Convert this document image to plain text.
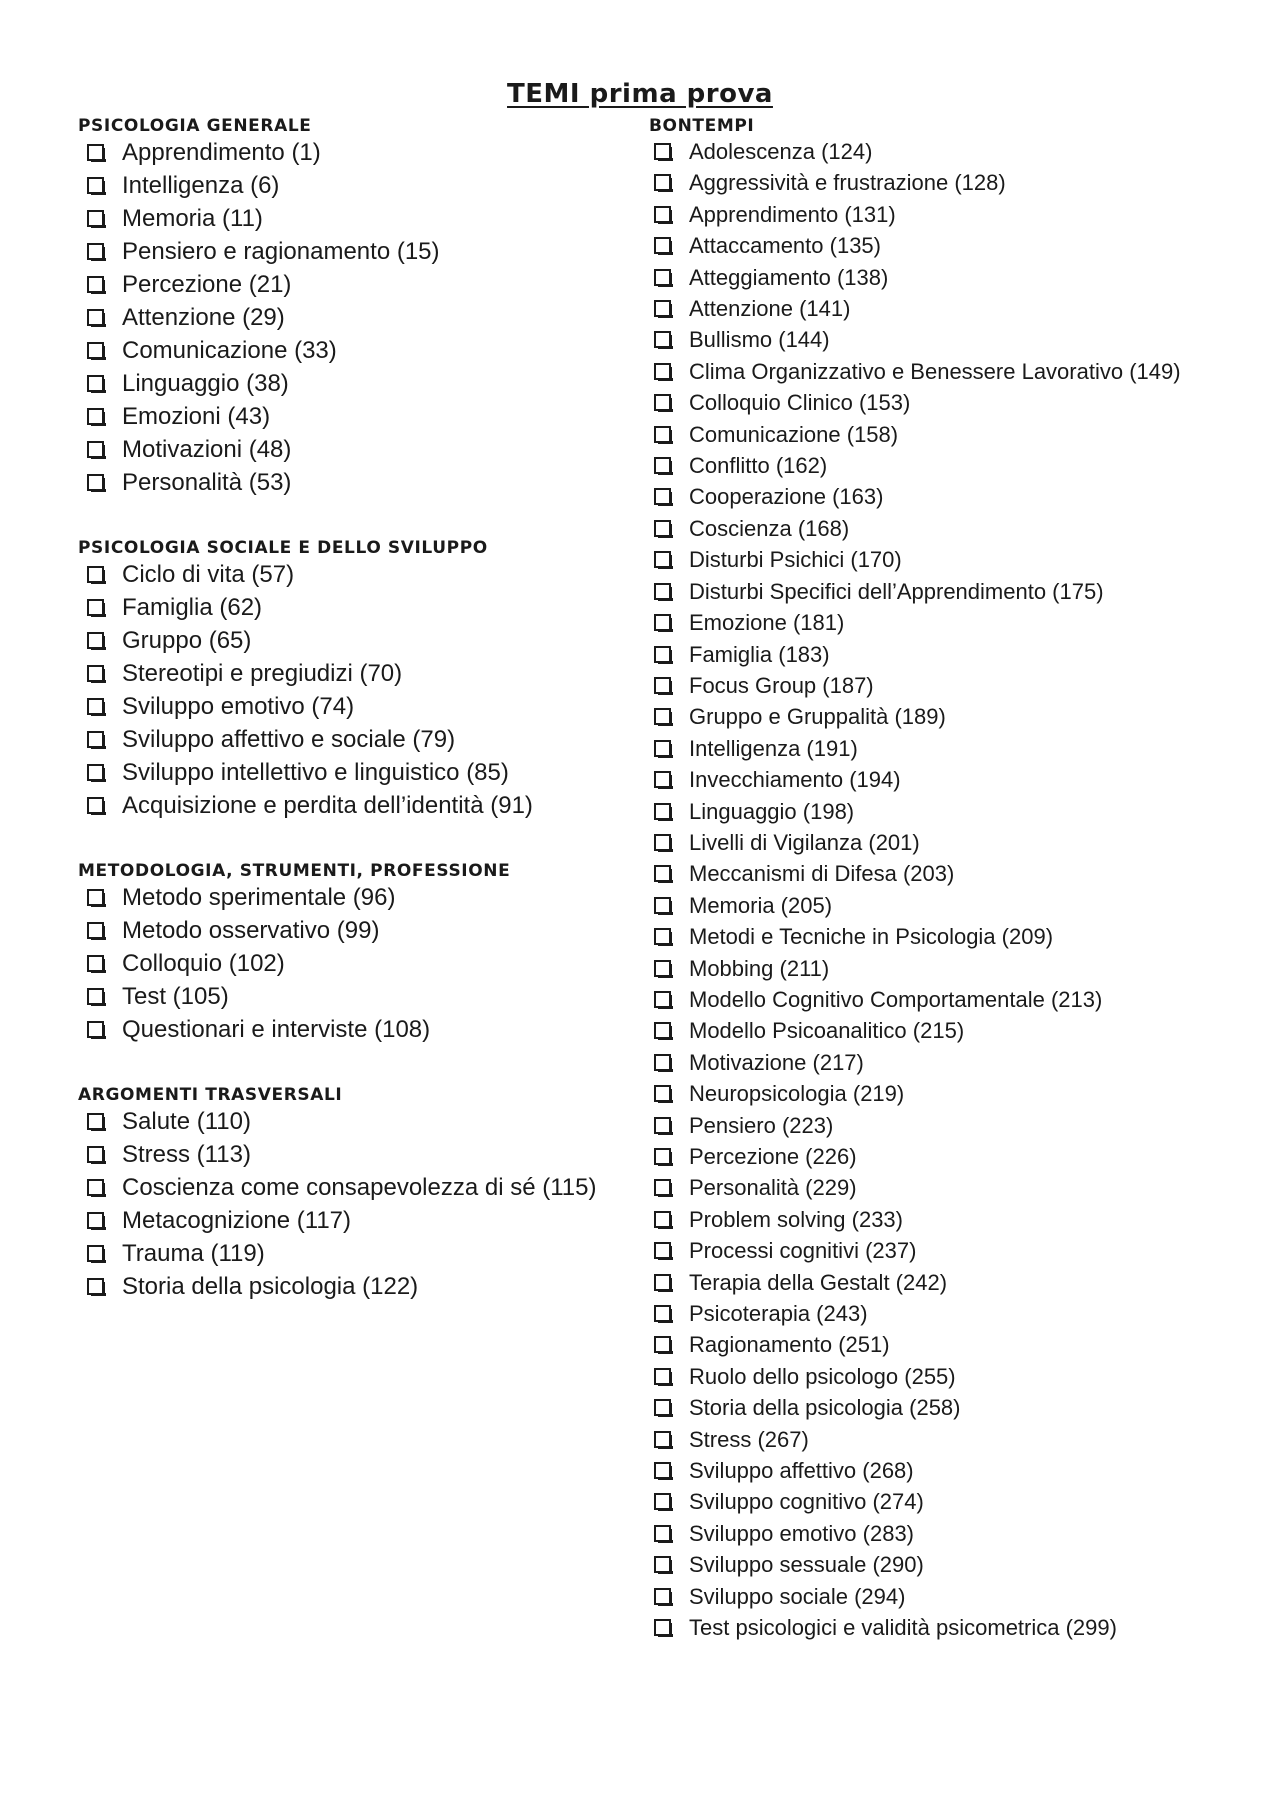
TEMI prima prova
PSICOLOGIA GENERALE
Apprendimento (1)
Intelligenza (6)
Memoria (11)
Pensiero e ragionamento (15)
Percezione (21)
Attenzione (29)
Comunicazione (33)
Linguaggio (38)
Emozioni (43)
Motivazioni (48)
Personalità (53)
PSICOLOGIA SOCIALE E DELLO SVILUPPO
Ciclo di vita (57)
Famiglia (62)
Gruppo (65)
Stereotipi e pregiudizi (70)
Sviluppo emotivo (74)
Sviluppo affettivo e sociale (79)
Sviluppo intellettivo e linguistico (85)
Acquisizione e perdita dell’identità (91)
METODOLOGIA, STRUMENTI, PROFESSIONE
Metodo sperimentale (96)
Metodo osservativo (99)
Colloquio (102)
Test (105)
Questionari e interviste (108)
ARGOMENTI TRASVERSALI
Salute (110)
Stress (113)
Coscienza come consapevolezza di sé (115)
Metacognizione (117)
Trauma (119)
Storia della psicologia (122)
BONTEMPI
Adolescenza (124)
Aggressività e frustrazione (128)
Apprendimento (131)
Attaccamento (135)
Atteggiamento (138)
Attenzione (141)
Bullismo (144)
Clima Organizzativo e Benessere Lavorativo (149)
Colloquio Clinico (153)
Comunicazione (158)
Conflitto (162)
Cooperazione (163)
Coscienza (168)
Disturbi Psichici (170)
Disturbi Specifici dell’Apprendimento (175)
Emozione (181)
Famiglia (183)
Focus Group (187)
Gruppo e Gruppalità (189)
Intelligenza (191)
Invecchiamento (194)
Linguaggio (198)
Livelli di Vigilanza (201)
Meccanismi di Difesa (203)
Memoria (205)
Metodi e Tecniche in Psicologia (209)
Mobbing (211)
Modello Cognitivo Comportamentale (213)
Modello Psicoanalitico (215)
Motivazione (217)
Neuropsicologia (219)
Pensiero (223)
Percezione (226)
Personalità (229)
Problem solving (233)
Processi cognitivi (237)
Terapia della Gestalt (242)
Psicoterapia (243)
Ragionamento (251)
Ruolo dello psicologo (255)
Storia della psicologia (258)
Stress (267)
Sviluppo affettivo (268)
Sviluppo cognitivo (274)
Sviluppo emotivo (283)
Sviluppo sessuale (290)
Sviluppo sociale (294)
Test psicologici e validità psicometrica (299)
